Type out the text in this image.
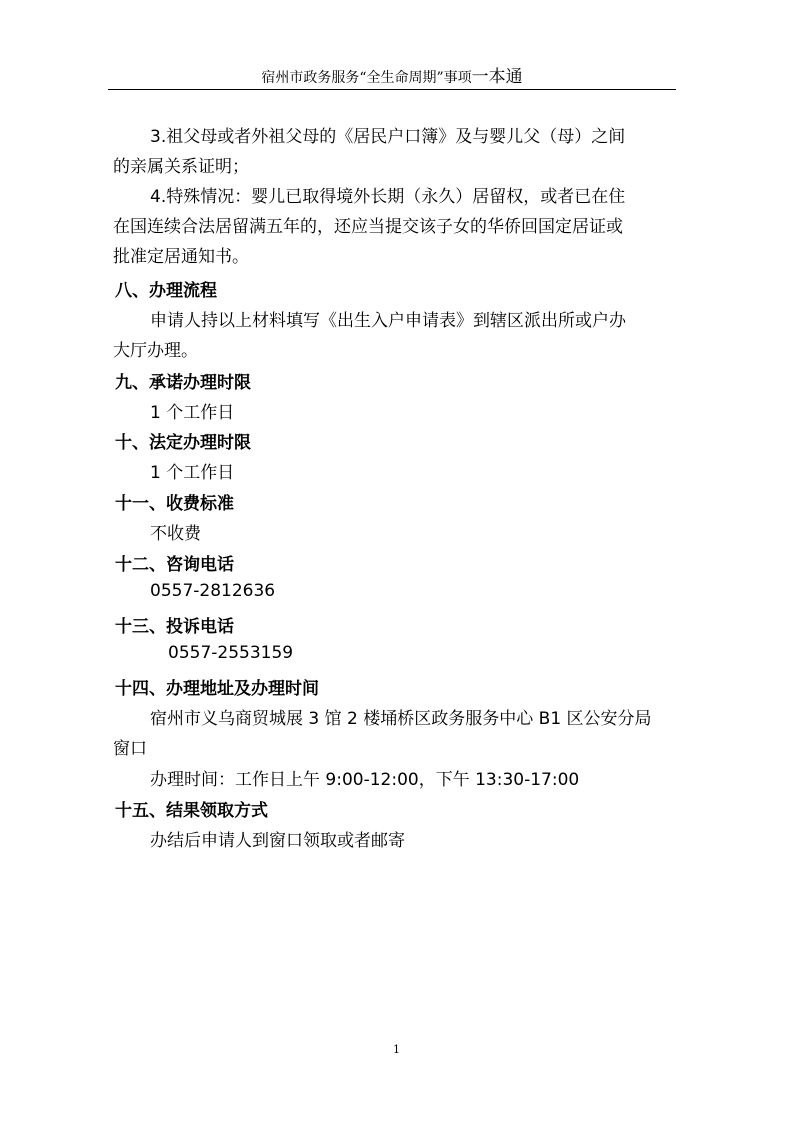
宿州市政务服务“全生命周期”事项一本通
3.祖父母或者外祖父母的《居民户口簿》及与婴儿父（母）之间
的亲属关系证明；
4.特殊情况：婴儿已取得境外长期（永久）居留权，或者已在住
在国连续合法居留满五年的，还应当提交该子女的华侨回国定居证或
批准定居通知书。
八、办理流程
申请人持以上材料填写《出生入户申请表》到辖区派出所或户办
大厅办理。
九、承诺办理时限
1 个工作日
十、法定办理时限
1 个工作日
十一、收费标准
不收费
十二、咨询电话
0557-2812636
十三、投诉电话
0557-2553159
十四、办理地址及办理时间
宿州市义乌商贸城展 3 馆 2 楼埇桥区政务服务中心 B1 区公安分局
窗口
办理时间：工作日上午 9:00-12:00，下午 13:30-17:00
十五、结果领取方式
办结后申请人到窗口领取或者邮寄
1
